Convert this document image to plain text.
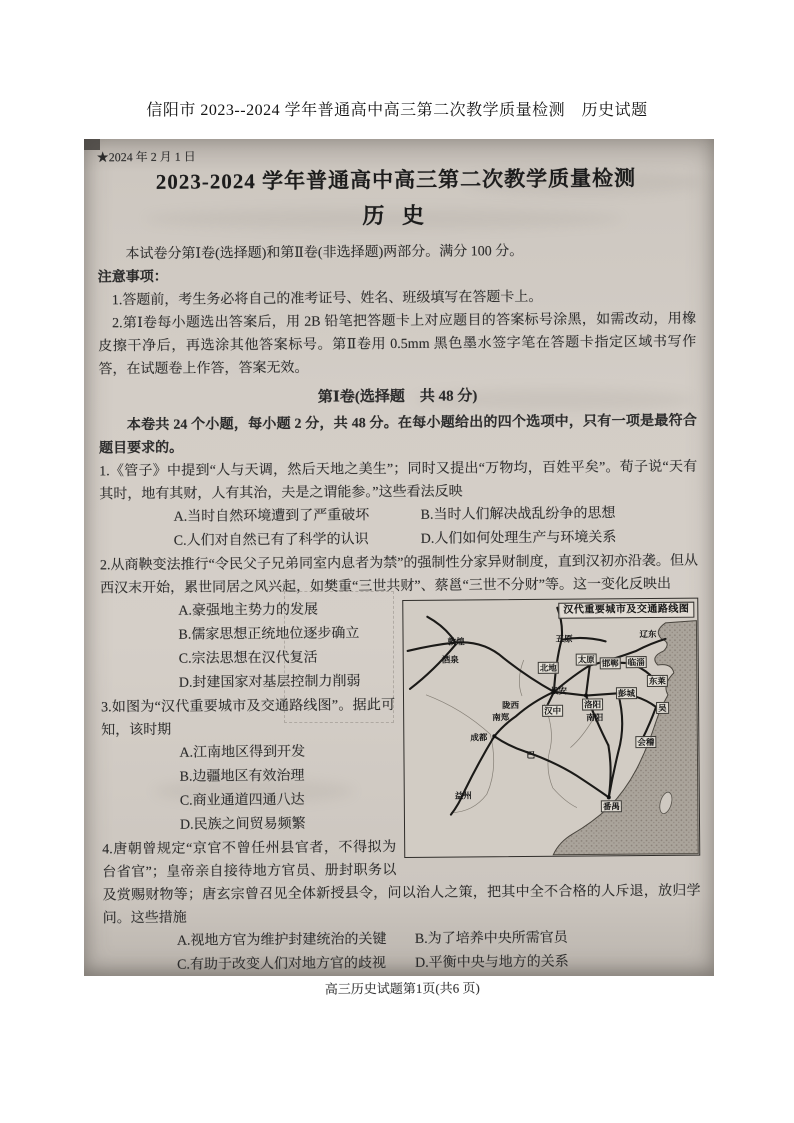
信阳市 2023--2024 学年普通高中高三第二次教学质量检测　历史试题
★2024 年 2 月 1 日
2023-2024 学年普通高中高三第二次教学质量检测
历 史

本试卷分第Ⅰ卷(选择题)和第Ⅱ卷(非选择题)两部分。满分 100 分。

注意事项：

1.答题前，考生务必将自己的准考证号、姓名、班级填写在答题卡上。

2.第Ⅰ卷每小题选出答案后，用 2B 铅笔把答题卡上对应题目的答案标号涂黑，如需改动，用橡皮擦干净后，再选涂其他答案标号。第Ⅱ卷用 0.5mm 黑色墨水签字笔在答题卡指定区域书写作答，在试题卷上作答，答案无效。

第Ⅰ卷(选择题　共 48 分)
本卷共 24 个小题，每小题 2 分，共 48 分。在每小题给出的四个选项中，只有一项是最符合题目要求的。
1.《管子》中提到“人与天调，然后天地之美生”；同时又提出“万物均，百姓平矣”。荀子说“天有其时，地有其财，人有其治，夫是之谓能参。”这些看法反映
A.当时自然环境遭到了严重破坏	B.当时人们解决战乱纷争的思想
C.人们对自然已有了科学的认识	D.人们如何处理生产与环境关系
2.从商鞅变法推行“令民父子兄弟同室内息者为禁”的强制性分家异财制度，直到汉初亦沿袭。但从西汉末开始，累世同居之风兴起，如樊重“三世共财”、蔡邕“三世不分财”等。这一变化反映出
汉代重要城市及交通路线图
敦煌
酒泉
五原	辽东
太原
北地	邯郸 临淄
东莱
长安
洛阳
彭城
吴
会稽
陇西
汉中
南郑
成都
巴
南阳
益州
番禺
A.豪强地主势力的发展
B.儒家思想正统地位逐步确立
C.宗法思想在汉代复活
D.封建国家对基层控制力削弱
3.如图为“汉代重要城市及交通路线图”。据此可知，该时期
A.江南地区得到开发
B.边疆地区有效治理
C.商业通道四通八达
D.民族之间贸易频繁
4.唐朝曾规定“京官不曾任州县官者，不得拟为台省官”；皇帝亲自接待地方官员、册封职务以及赏赐财物等；唐玄宗曾召见全体新授县令，问以治人之策，把其中全不合格的人斥退，放归学问。这些措施
A.视地方官为维护封建统治的关键	B.为了培养中央所需官员
C.有助于改变人们对地方官的歧视	D.平衡中央与地方的关系
高三历史试题第1页(共6 页)
